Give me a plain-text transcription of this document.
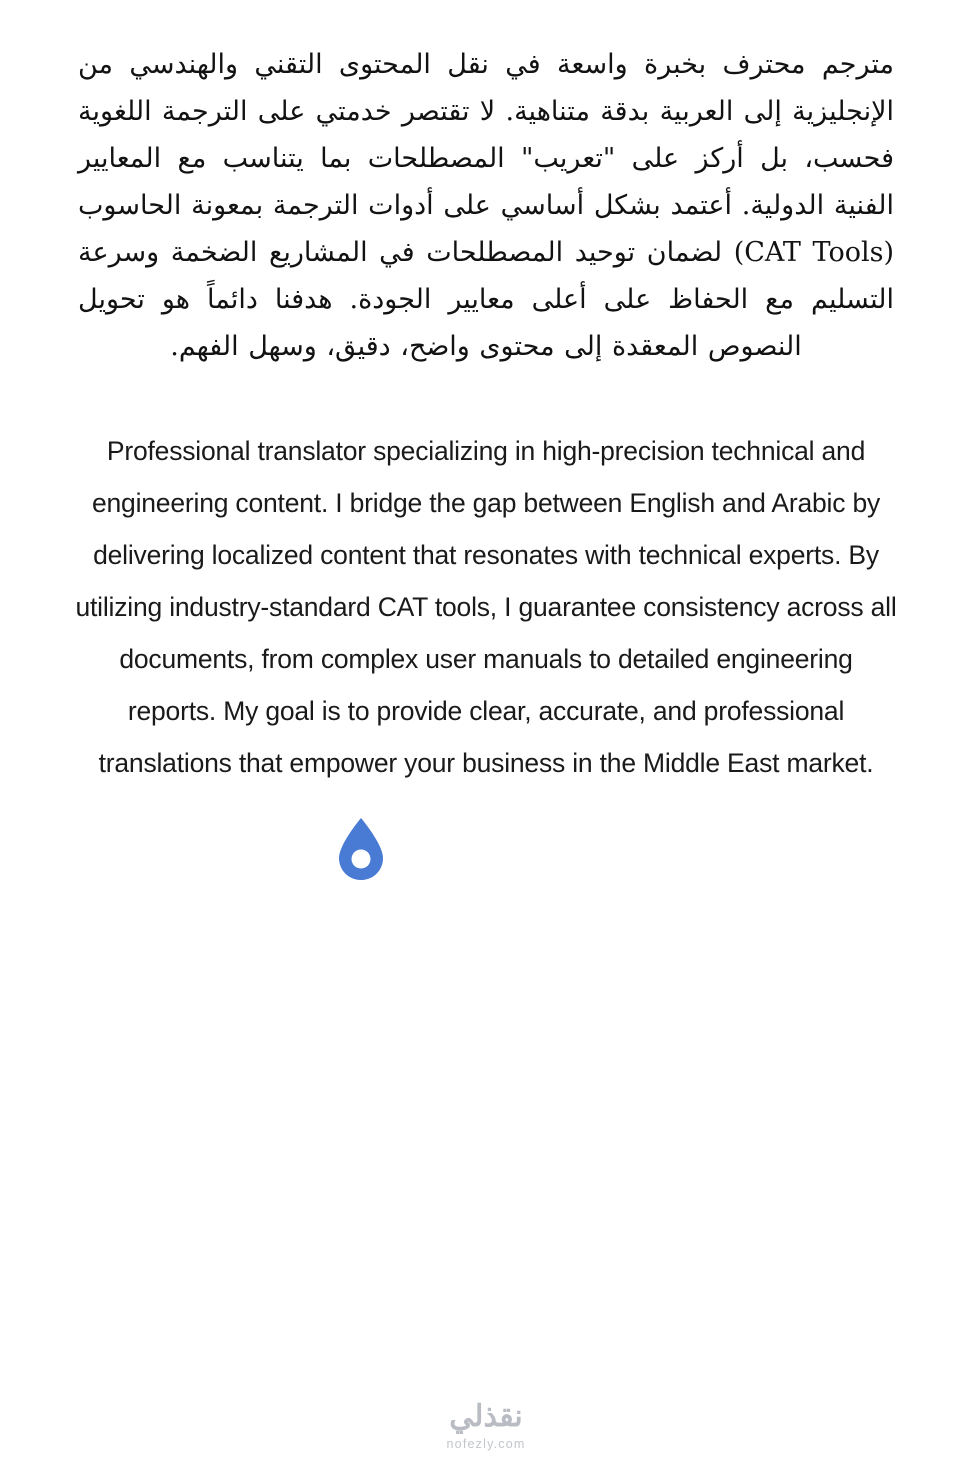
مترجم محترف بخبرة واسعة في نقل المحتوى التقني والهندسي من الإنجليزية إلى العربية بدقة متناهية. لا تقتصر خدمتي على الترجمة اللغوية فحسب، بل أركز على "تعريب" المصطلحات بما يتناسب مع المعايير الفنية الدولية. أعتمد بشكل أساسي على أدوات الترجمة بمعونة الحاسوب (CAT Tools) لضمان توحيد المصطلحات في المشاريع الضخمة وسرعة التسليم مع الحفاظ على أعلى معايير الجودة. هدفنا دائماً هو تحويل النصوص المعقدة إلى محتوى واضح، دقيق، وسهل الفهم.

Professional translator specializing in high-precision technical and engineering content. I bridge the gap between English and Arabic by delivering localized content that resonates with technical experts. By utilizing industry-standard CAT tools, I guarantee consistency across all documents, from complex user manuals to detailed engineering reports. My goal is to provide clear, accurate, and professional translations that empower your business in the Middle East market.

نقذلي
nofezly.com
